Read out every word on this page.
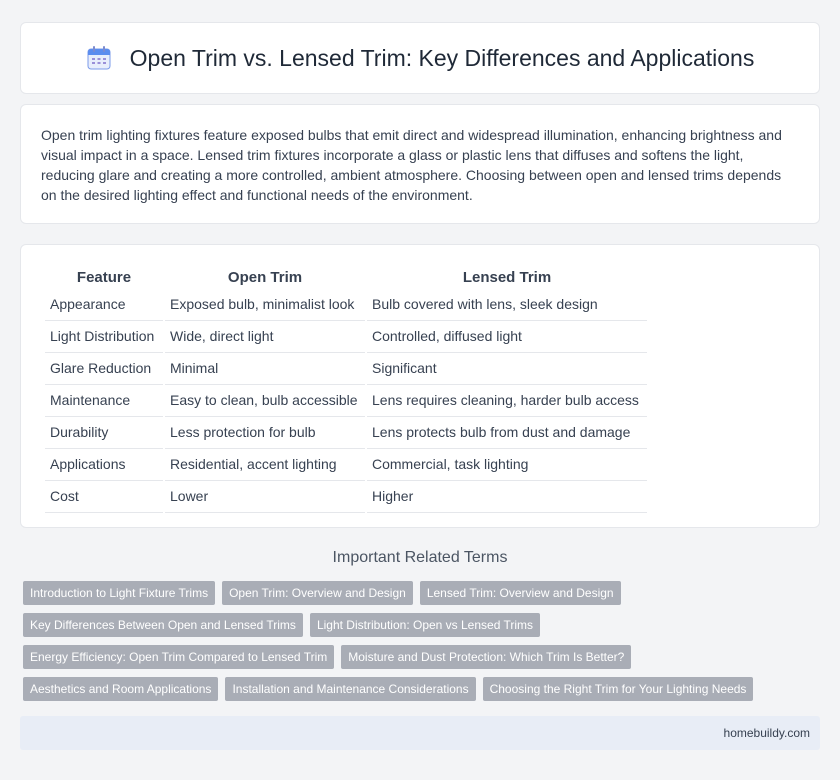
Open Trim vs. Lensed Trim: Key Differences and Applications

Open trim lighting fixtures feature exposed bulbs that emit direct and widespread illumination, enhancing brightness and visual impact in a space. Lensed trim fixtures incorporate a glass or plastic lens that diffuses and softens the light, reducing glare and creating a more controlled, ambient atmosphere. Choosing between open and lensed trims depends on the desired lighting effect and functional needs of the environment.

Feature	Open Trim	Lensed Trim
Appearance	Exposed bulb, minimalist look	Bulb covered with lens, sleek design
Light Distribution	Wide, direct light	Controlled, diffused light
Glare Reduction	Minimal	Significant
Maintenance	Easy to clean, bulb accessible	Lens requires cleaning, harder bulb access
Durability	Less protection for bulb	Lens protects bulb from dust and damage
Applications	Residential, accent lighting	Commercial, task lighting
Cost	Lower	Higher
Important Related Terms
Introduction to Light Fixture Trims	Open Trim: Overview and Design	Lensed Trim: Overview and Design
Key Differences Between Open and Lensed Trims	Light Distribution: Open vs Lensed Trims
Energy Efficiency: Open Trim Compared to Lensed Trim	Moisture and Dust Protection: Which Trim Is Better?
Aesthetics and Room Applications	Installation and Maintenance Considerations	Choosing the Right Trim for Your Lighting Needs
homebuildy.com
